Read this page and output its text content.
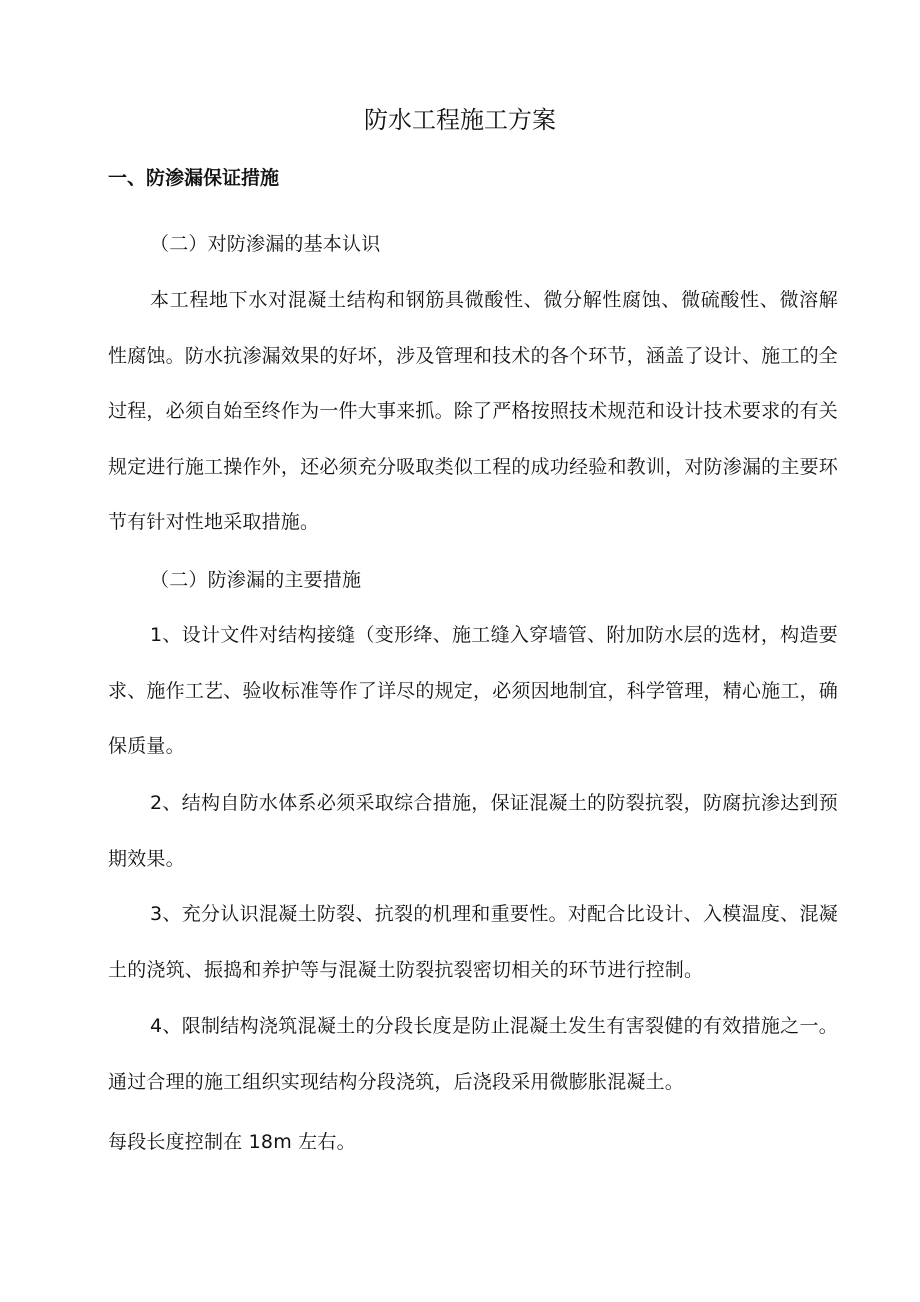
防水工程施工方案
一、防渗漏保证措施

（二）对防渗漏的基本认识

本工程地下水对混凝土结构和钢筋具微酸性、微分解性腐蚀、微硫酸性、微溶解性腐蚀。防水抗渗漏效果的好坏，涉及管理和技术的各个环节，涵盖了设计、施工的全过程，必须自始至终作为一件大事来抓。除了严格按照技术规范和设计技术要求的有关规定进行施工操作外，还必须充分吸取类似工程的成功经验和教训，对防渗漏的主要环节有针对性地采取措施。

（二）防渗漏的主要措施

1、设计文件对结构接缝（变形绛、施工缝入穿墙管、附加防水层的选材，构造要求、施作工艺、验收标准等作了详尽的规定，必须因地制宜，科学管理，精心施工，确保质量。

2、结构自防水体系必须采取综合措施，保证混凝土的防裂抗裂，防腐抗渗达到预期效果。

3、充分认识混凝土防裂、抗裂的机理和重要性。对配合比设计、入模温度、混凝土的浇筑、振捣和养护等与混凝土防裂抗裂密切相关的环节进行控制。

4、限制结构浇筑混凝土的分段长度是防止混凝土发生有害裂健的有效措施之一。通过合理的施工组织实现结构分段浇筑，后浇段采用微膨胀混凝土。

每段长度控制在 18m 左右。
